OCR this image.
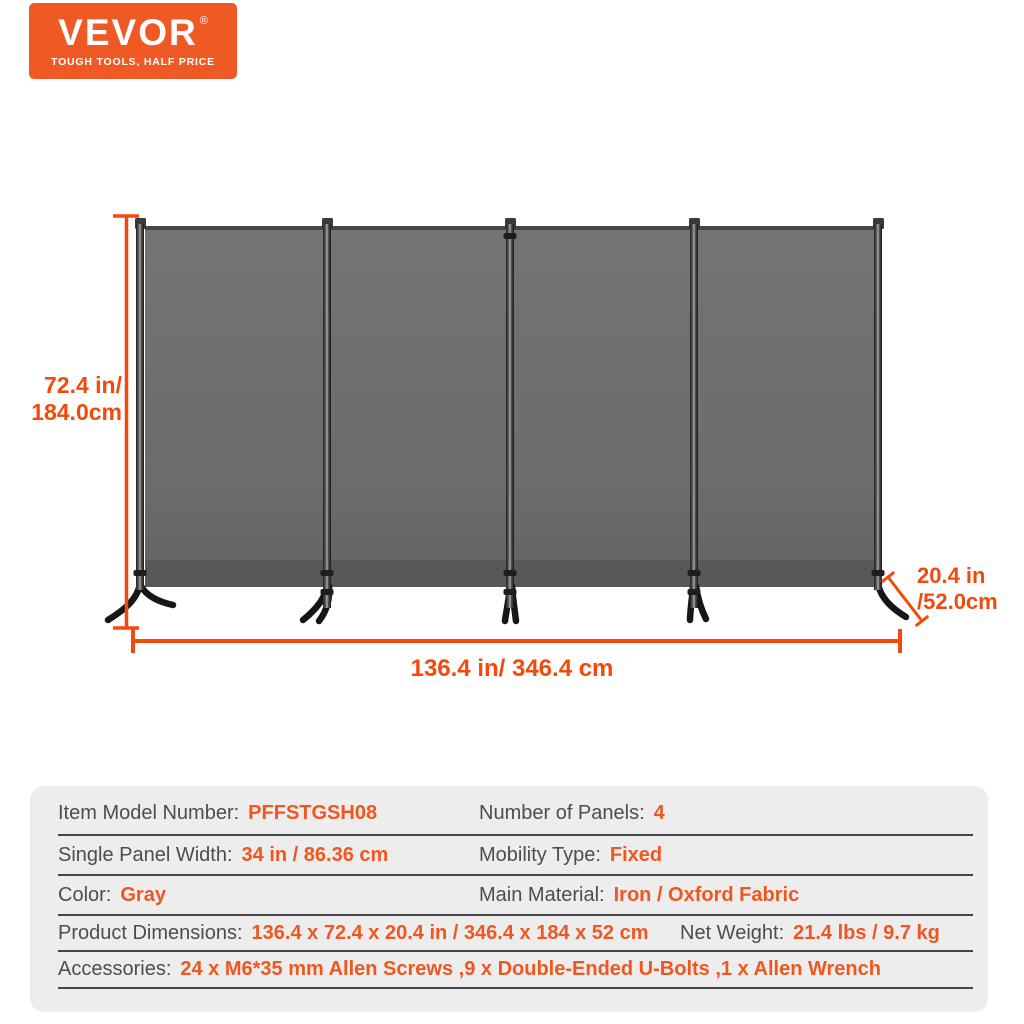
VEVOR ®
TOUGH TOOLS, HALF PRICE
72.4 in/
184.0cm
136.4 in/ 346.4 cm
20.4 in
/52.0cm
Item Model Number: PFFSTGSH08	Number of Panels: 4
Single Panel Width: 34 in / 86.36 cm	Mobility Type: Fixed
Color: Gray	Main Material: Iron / Oxford Fabric
Product Dimensions: 136.4 x 72.4 x 20.4 in / 346.4 x 184 x 52 cm	Net Weight: 21.4 lbs / 9.7 kg
Accessories: 24 x M6*35 mm Allen Screws ,9 x Double-Ended U-Bolts ,1 x Allen Wrench
